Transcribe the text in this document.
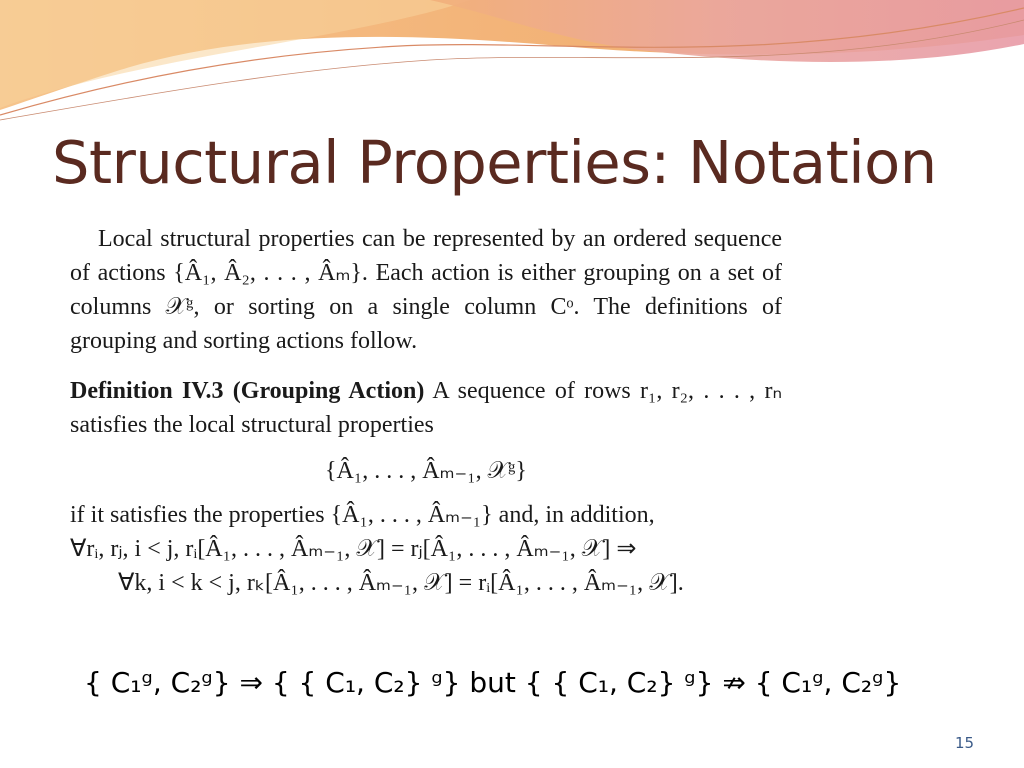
Structural Properties: Notation

Local structural properties can be represented by an ordered sequence of actions {Â₁, Â₂, . . . , Âₘ}. Each action is either grouping on a set of columns 𝒳ᵍ, or sorting on a single column Cᵒ. The definitions of grouping and sorting actions follow.

Definition IV.3 (Grouping Action) A sequence of rows r₁, r₂, . . . , rₙ satisfies the local structural properties

{Â₁, . . . , Âₘ₋₁, 𝒳ᵍ}

if it satisfies the properties {Â₁, . . . , Âₘ₋₁} and, in addition,

∀rᵢ, rⱼ, i < j, rᵢ[Â₁, . . . , Âₘ₋₁, 𝒳] = rⱼ[Â₁, . . . , Âₘ₋₁, 𝒳] ⇒
∀k, i < k < j, rₖ[Â₁, . . . , Âₘ₋₁, 𝒳] = rᵢ[Â₁, . . . , Âₘ₋₁, 𝒳].
{ C₁ᵍ, C₂ᵍ} ⇒ { { C₁, C₂} ᵍ} but { { C₁, C₂} ᵍ} ⇏ { C₁ᵍ, C₂ᵍ}
15
